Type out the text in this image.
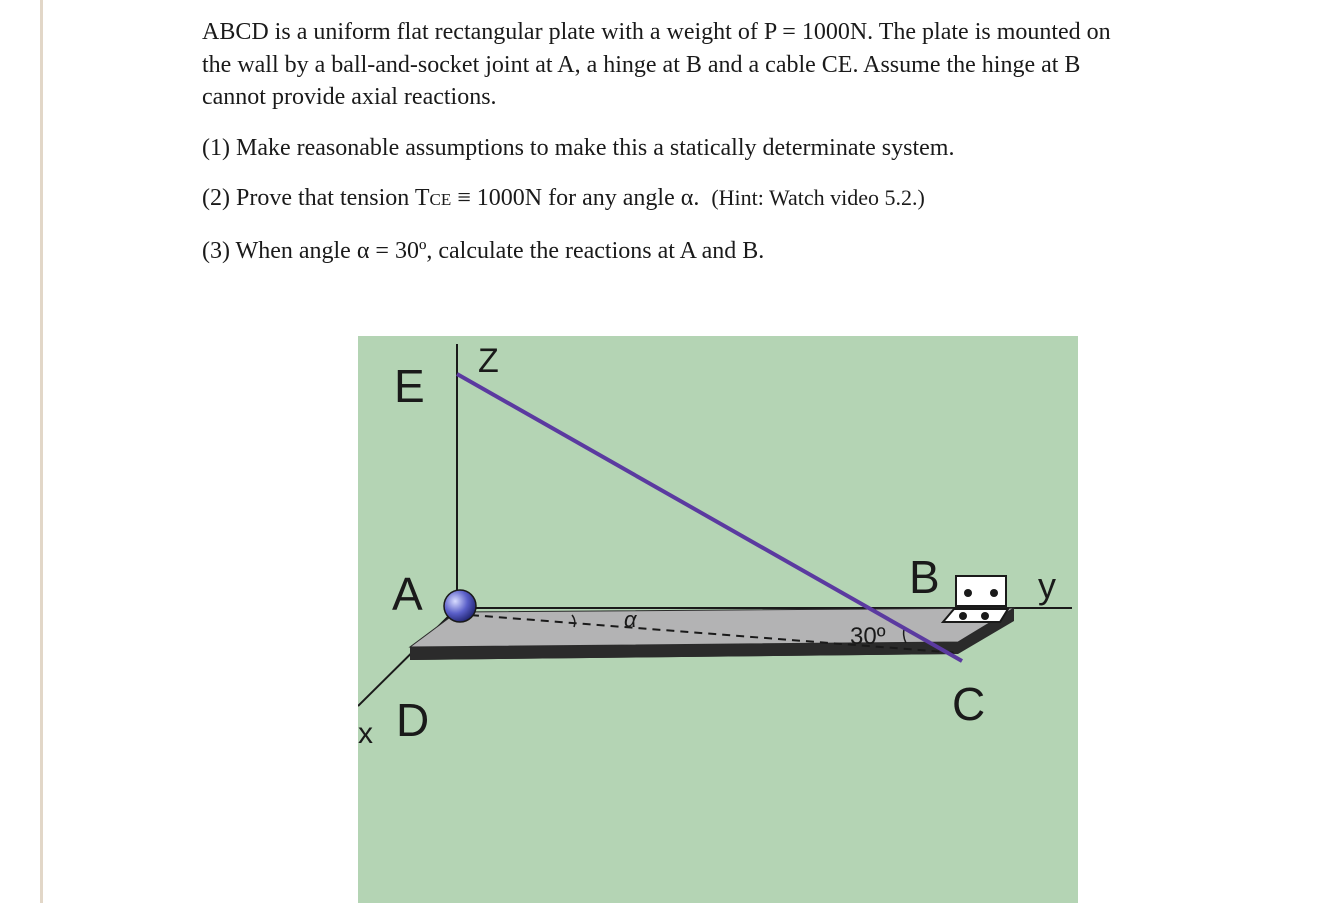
ABCD is a uniform flat rectangular plate with a weight of P = 1000N. The plate is mounted on

the wall by a ball-and-socket joint at A, a hinge at B and a cable CE. Assume the hinge at B

cannot provide axial reactions.

(1) Make reasonable assumptions to make this a statically determinate system.

(2) Prove that tension TCE ≡ 1000N for any angle α.  (Hint: Watch video 5.2.)

(3) When angle α = 30º, calculate the reactions at A and B.

E Z
A	B	y
C
D
x
α
30º
